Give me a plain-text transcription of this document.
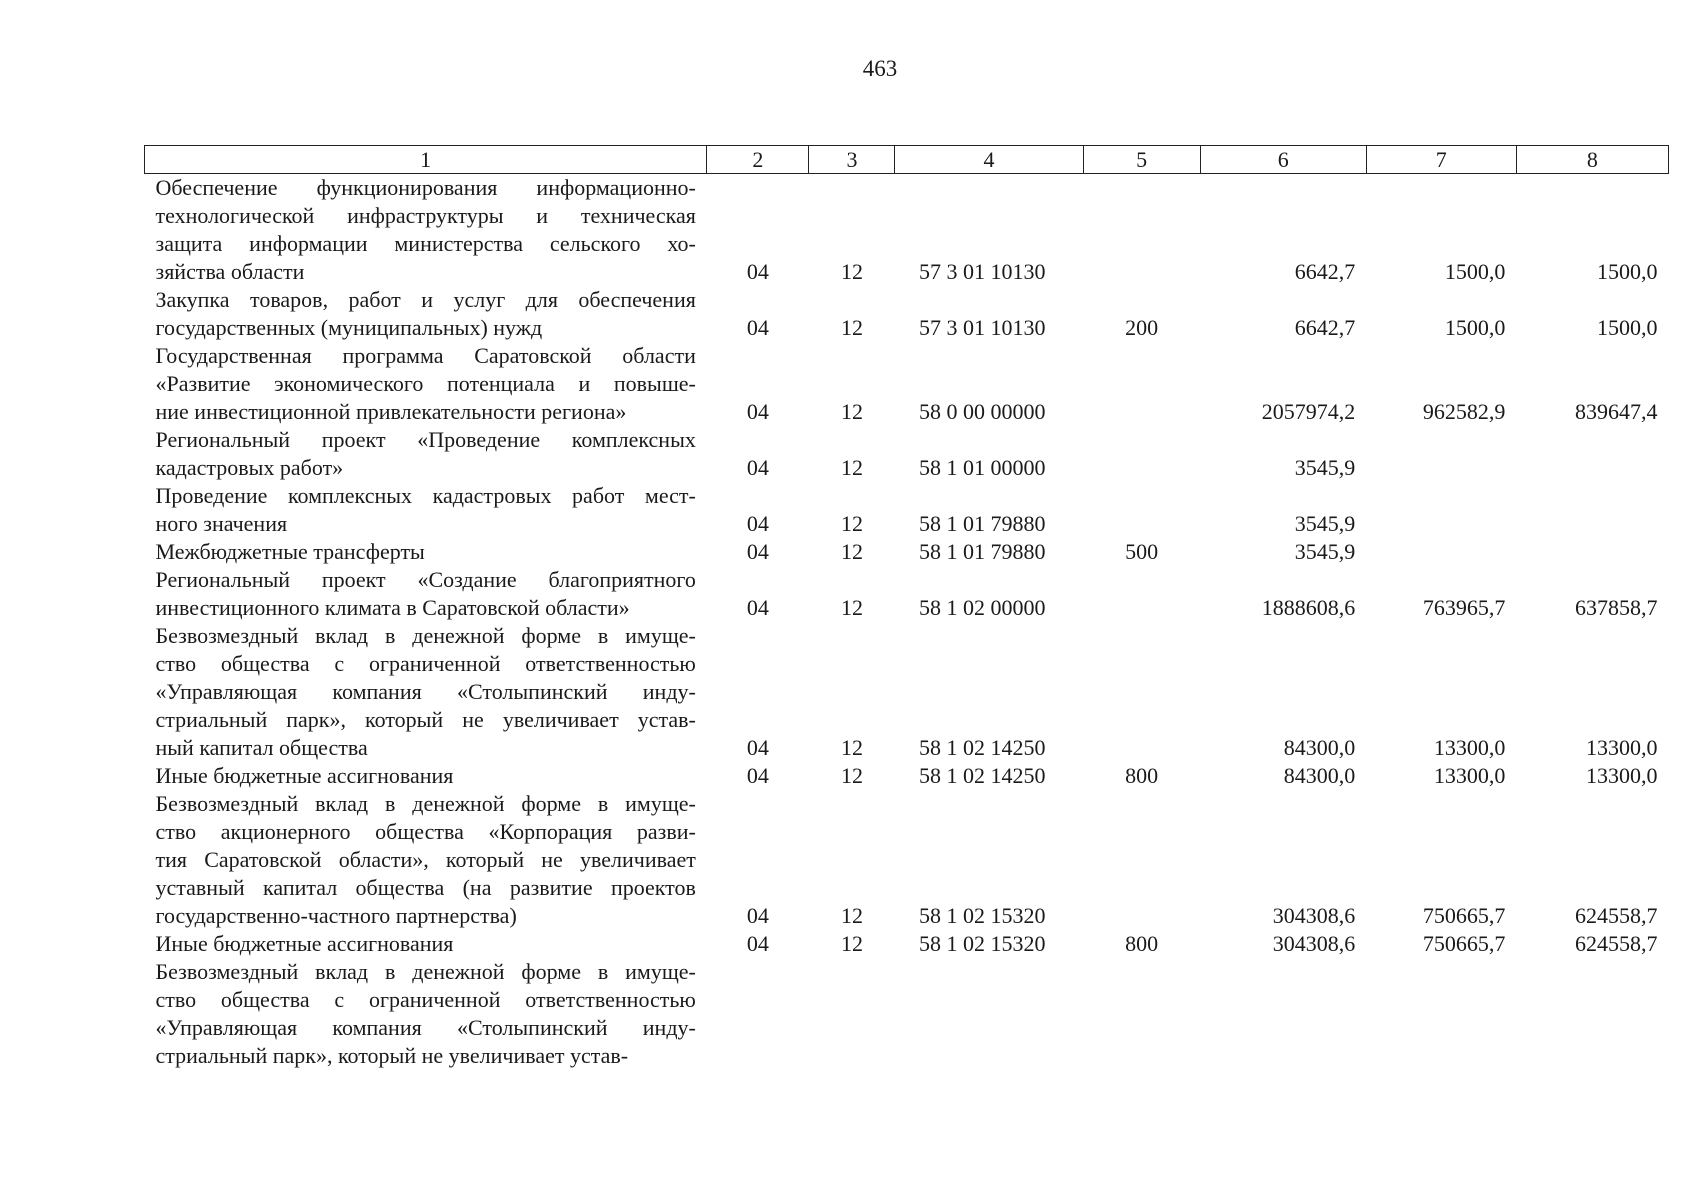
463
1	2	3	4	5	6	7	8

Обеспечение функционирования информационно-
технологической инфраструктуры и техническая
защита информации министерства сельского хо-
зяйства области	04	12	57 3 01 10130		6642,7	1500,0	1500,0

Закупка товаров, работ и услуг для обеспечения
государственных (муниципальных) нужд	04	12	57 3 01 10130	200	6642,7	1500,0	1500,0

Государственная программа Саратовской области
«Развитие экономического потенциала и повыше-
ние инвестиционной привлекательности региона»	04	12	58 0 00 00000		2057974,2	962582,9	839647,4

Региональный проект «Проведение комплексных
кадастровых работ»	04	12	58 1 01 00000		3545,9		

Проведение комплексных кадастровых работ мест-
ного значения	04	12	58 1 01 79880		3545,9		

Межбюджетные трансферты	04	12	58 1 01 79880	500	3545,9		

Региональный проект «Создание благоприятного
инвестиционного климата в Саратовской области»	04	12	58 1 02 00000		1888608,6	763965,7	637858,7

Безвозмездный вклад в денежной форме в имуще-
ство общества с ограниченной ответственностью
«Управляющая компания «Столыпинский инду-
стриальный парк», который не увеличивает устав-
ный капитал общества	04	12	58 1 02 14250		84300,0	13300,0	13300,0

Иные бюджетные ассигнования	04	12	58 1 02 14250	800	84300,0	13300,0	13300,0

Безвозмездный вклад в денежной форме в имуще-
ство акционерного общества «Корпорация разви-
тия Саратовской области», который не увеличивает
уставный капитал общества (на развитие проектов
государственно-частного партнерства)	04	12	58 1 02 15320		304308,6	750665,7	624558,7

Иные бюджетные ассигнования	04	12	58 1 02 15320	800	304308,6	750665,7	624558,7

Безвозмездный вклад в денежной форме в имуще-
ство общества с ограниченной ответственностью
«Управляющая компания «Столыпинский инду-
стриальный парк», который не увеличивает устав-							
